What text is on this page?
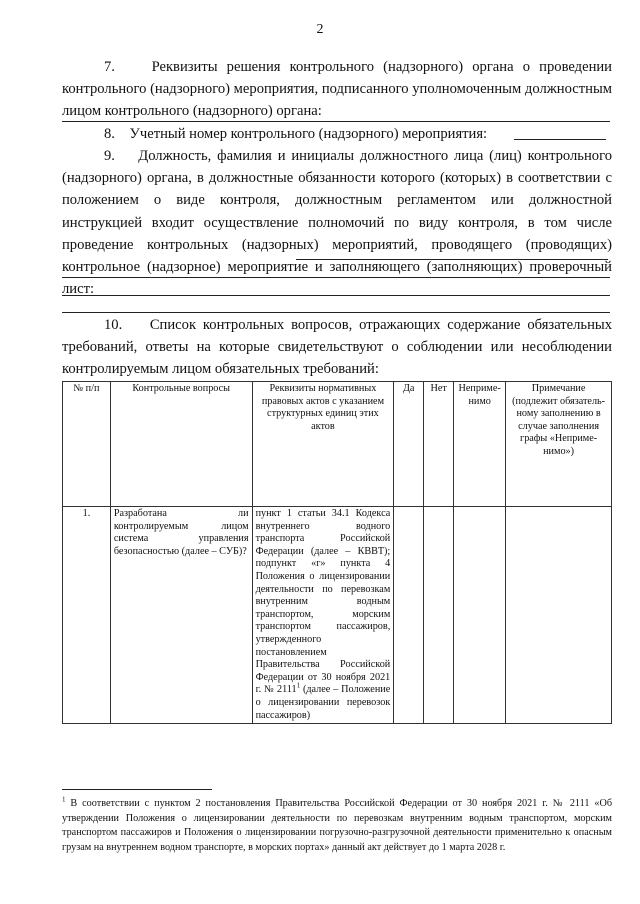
2

7.	Реквизиты решения контрольного (надзорного) органа о проведении контрольного (надзорного) мероприятия, подписанного уполномоченным должностным лицом контрольного (надзорного) органа:

8. Учетный номер контрольного (надзорного) мероприятия:

9. Должность, фамилия и инициалы должностного лица (лиц) контрольного (надзорного) органа, в должностные обязанности которого (которых) в соответствии с положением о виде контроля, должностным регламентом или должностной инструкцией входит осуществление полномочий по виду контроля, в том числе проведение контрольных (надзорных) мероприятий, проводящего (проводящих) контрольное (надзорное) мероприятие и заполняющего (заполняющих) проверочный лист:

10. Список контрольных вопросов, отражающих содержание обязательных требований, ответы на которые свидетельствуют о соблюдении или несоблюдении контролируемым лицом обязательных требований:

№ п/п	Контрольные вопросы	Реквизиты нормативных правовых актов с указанием структурных единиц этих актов	Да	Нет	Неприме-нимо	Примечание (подлежит обязатель-ному заполнению в случае заполнения графы «Неприме-нимо»)
1.	Разработана ли контролируемым лицом система управления безопасностью (далее – СУБ)?	пункт 1 статьи 34.1 Кодекса внутреннего водного транспорта Российской Федерации (далее – КВВТ); подпункт «г» пункта 4 Положения о лицензировании деятельности по перевозкам внутренним водным транспортом, морским транспортом пассажиров, утвержденного постановлением Правительства Российской Федерации от 30 ноября 2021 г. № 2111$^1$ (далее – Положение о лицензировании перевозок пассажиров)				
$^1$ В соответствии с пунктом 2 постановления Правительства Российской Федерации от 30 ноября 2021 г. № 2111 «Об утверждении Положения о лицензировании деятельности по перевозкам внутренним водным транспортом, морским транспортом пассажиров и Положения о лицензировании погрузочно-разгрузочной деятельности применительно к опасным грузам на внутреннем водном транспорте, в морских портах» данный акт действует до 1 марта 2028 г.
